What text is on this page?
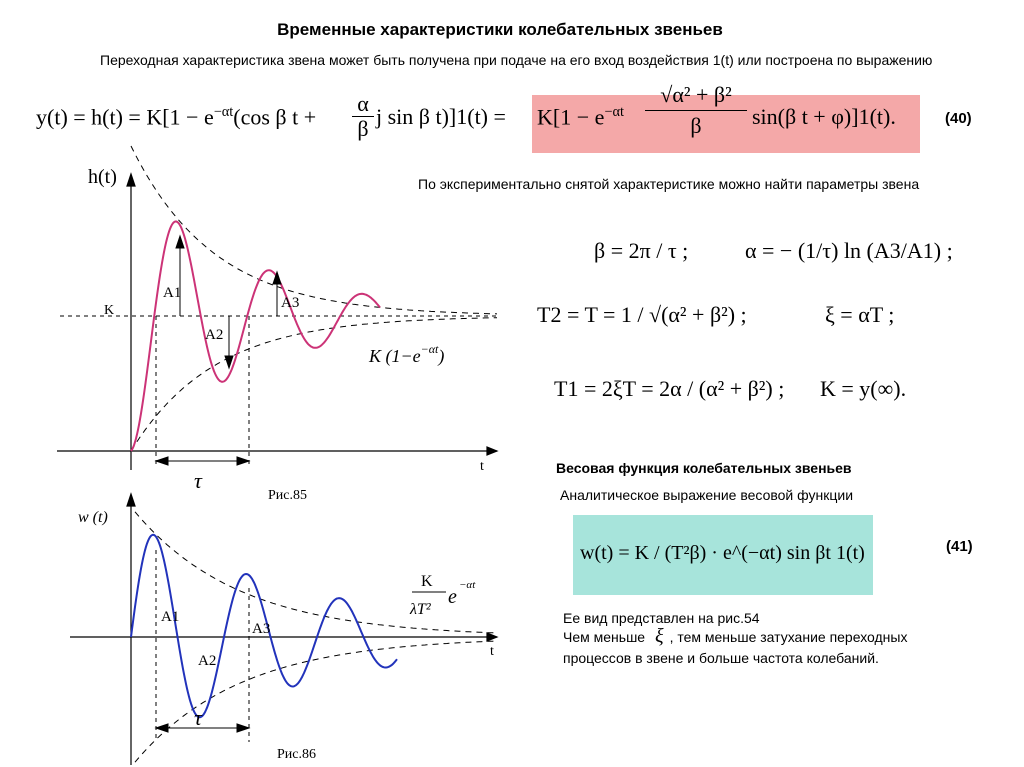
Временные характеристики колебательных звеньев
Переходная характеристика звена может быть получена при подаче на его вход воздействия 1(t) или построена по выражению
$y(t) = h(t) = K[1 - e^{-\alpha t}(\cos$ β t +
α
β j sin β $t)]1(t) = K[1 - e^{-\alpha t}$
√α² + β²
β	sin(β t + φ)]1(t).	(40)
По экспериментально снятой характеристике можно найти параметры звена
β = 2π / τ ;	α = − (1/τ) ln (A3/A1) ;
T2 = T = 1 / √(α² + β²) ;	ξ = αT ;
T1 = 2ξT = 2α / (α² + β²) ; K = y(∞).
Весовая функция колебательных звеньев
Аналитическое выражение весовой функции
w(t) = K / (T²β) · e^(−αt) sin βt 1(t)	(41)
Ее вид представлен на рис.54
Чем меньше ξ , тем меньше затухание переходных
процессов в звене и больше частота колебаний.
h(t)
K
t
τ
A1
A2
A3
K $(1-e^{-\alpha t})$
Рис.85
w (t)
t
τ
A1
A2
A3
K
λT²
e
−αt
Рис.86
